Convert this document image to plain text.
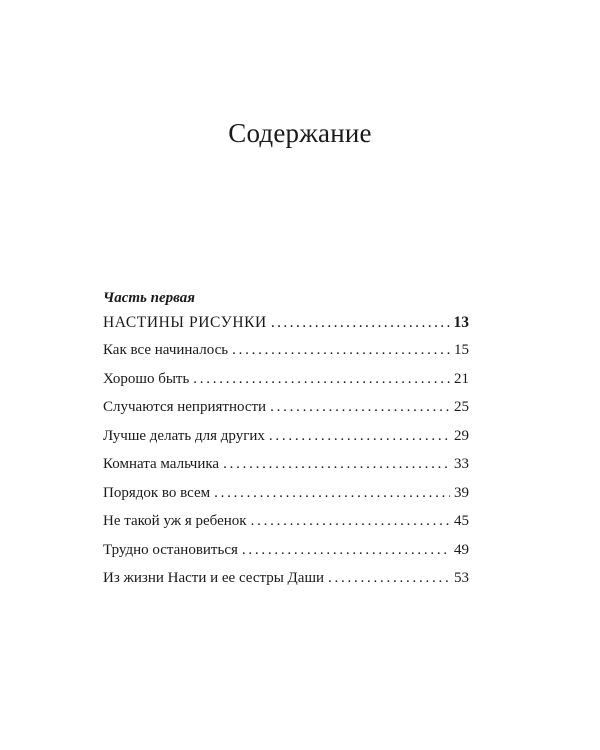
Содержание
Часть первая
НАСТИНЫ РИСУНКИ .....	13
Как все начиналось . . .	15
Хорошо быть . . .	21
Случаются неприятности . . .	25
Лучше делать для других . . .	29
Комната мальчика . . .	33
Порядок во всем . . .	39
Не такой уж я ребенок . . .	45
Трудно остановиться . . .	49
Из жизни Насти и ее сестры Даши . . .	53
